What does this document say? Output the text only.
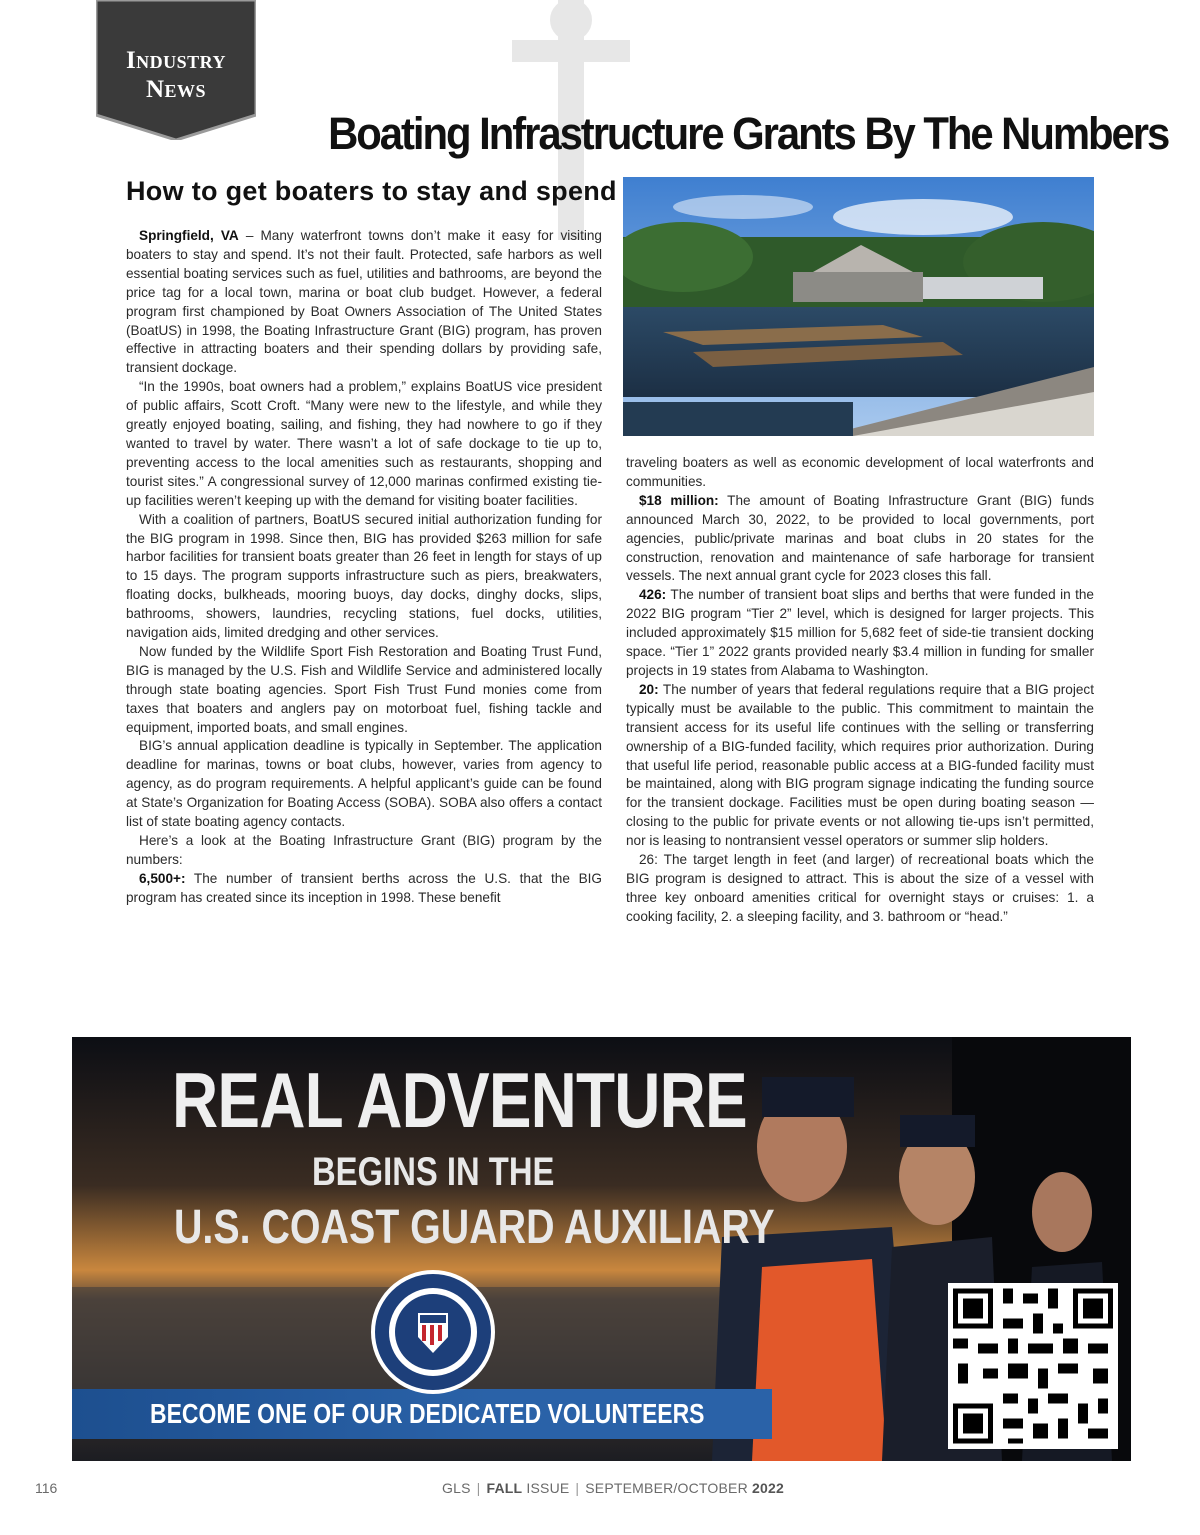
Industry
News
Boating Infrastructure Grants By The Numbers
How to get boaters to stay and spend

Springfield, VA – Many waterfront towns don’t make it easy for visiting boaters to stay and spend. It’s not their fault. Protected, safe harbors as well essential boating services such as fuel, utilities and bathrooms, are beyond the price tag for a local town, marina or boat club budget. However, a federal program first championed by Boat Owners Association of The United States (BoatUS) in 1998, the Boating Infrastructure Grant (BIG) program, has proven effective in attracting boaters and their spending dollars by providing safe, transient dockage.

“In the 1990s, boat owners had a problem,” explains BoatUS vice president of public affairs, Scott Croft. “Many were new to the lifestyle, and while they greatly enjoyed boating, sailing, and fishing, they had nowhere to go if they wanted to travel by water. There wasn’t a lot of safe dockage to tie up to, preventing access to the local amenities such as restaurants, shopping and tourist sites.” A congressional survey of 12,000 marinas confirmed existing tie-up facilities weren’t keeping up with the demand for visiting boater facilities.

With a coalition of partners, BoatUS secured initial authorization funding for the BIG program in 1998. Since then, BIG has provided $263 million for safe harbor facilities for transient boats greater than 26 feet in length for stays of up to 15 days. The program supports infrastructure such as piers, breakwaters, floating docks, bulkheads, mooring buoys, day docks, dinghy docks, slips, bathrooms, showers, laundries, recycling stations, fuel docks, utilities, navigation aids, limited dredging and other services.

Now funded by the Wildlife Sport Fish Restoration and Boating Trust Fund, BIG is managed by the U.S. Fish and Wildlife Service and administered locally through state boating agencies. Sport Fish Trust Fund monies come from taxes that boaters and anglers pay on motorboat fuel, fishing tackle and equipment, imported boats, and small engines.

BIG’s annual application deadline is typically in September. The application deadline for marinas, towns or boat clubs, however, varies from agency to agency, as do program requirements. A helpful applicant’s guide can be found at State’s Organization for Boating Access (SOBA). SOBA also offers a contact list of state boating agency contacts.

Here’s a look at the Boating Infrastructure Grant (BIG) program by the numbers:

6,500+: The number of transient berths across the U.S. that the BIG program has created since its inception in 1998. These benefit

traveling boaters as well as economic development of local waterfronts and communities.

$18 million: The amount of Boating Infrastructure Grant (BIG) funds announced March 30, 2022, to be provided to local governments, port agencies, public/private marinas and boat clubs in 20 states for the construction, renovation and maintenance of safe harborage for transient vessels. The next annual grant cycle for 2023 closes this fall.

426: The number of transient boat slips and berths that were funded in the 2022 BIG program “Tier 2” level, which is designed for larger projects. This included approximately $15 million for 5,682 feet of side-tie transient docking space. “Tier 1” 2022 grants provided nearly $3.4 million in funding for smaller projects in 19 states from Alabama to Washington.

20: The number of years that federal regulations require that a BIG project typically must be available to the public. This commitment to maintain the transient access for its useful life continues with the selling or transferring ownership of a BIG-funded facility, which requires prior authorization. During that useful life period, reasonable public access at a BIG-funded facility must be maintained, along with BIG program signage indicating the funding source for the transient dockage. Facilities must be open during boating season — closing to the public for private events or not allowing tie-ups isn’t permitted, nor is leasing to nontransient vessel operators or summer slip holders.

26: The target length in feet (and larger) of recreational boats which the BIG program is designed to attract. This is about the size of a vessel with three key onboard amenities critical for overnight stays or cruises: 1. a cooking facility, 2. a sleeping facility, and 3. bathroom or “head.”

REAL ADVENTURE
BEGINS IN THE
U.S. COAST GUARD AUXILIARY
BECOME ONE OF OUR DEDICATED VOLUNTEERS
116	GLS | FALL ISSUE | SEPTEMBER/OCTOBER 2022
